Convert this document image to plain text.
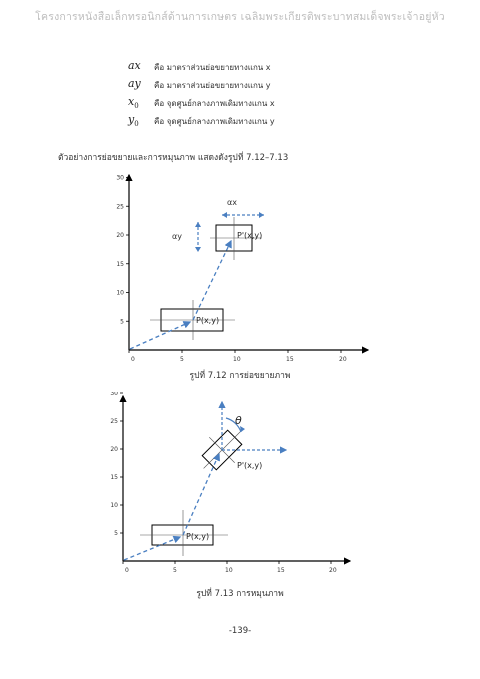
โครงการหนังสือเล็กทรอนิกส์ด้านการเกษตร เฉลิมพระเกียรติพระบาทสมเด็จพระเจ้าอยู่หัว
ax	คือ มาตราส่วนย่อขยายทางแกน x
ay	คือ มาตราส่วนย่อขยายทางแกน y
$x_0$	คือ จุดศูนย์กลางภาพเดิมทางแกน x
$y_0$	คือ จุดศูนย์กลางภาพเดิมทางแกน y
ตัวอย่างการย่อขยายและการหมุนภาพ แสดงดังรูปที่ 7.12–7.13
0	5	10	15	20
5
10
15
20
25
30
αx
αy
P(x,y)
P'(x,y)
รูปที่ 7.12 การย่อขยายภาพ
0	5	10	15	20
5
10
15
20
25
30
θ
P(x,y)
P'(x,y)
รูปที่ 7.13 การหมุนภาพ
-139-
